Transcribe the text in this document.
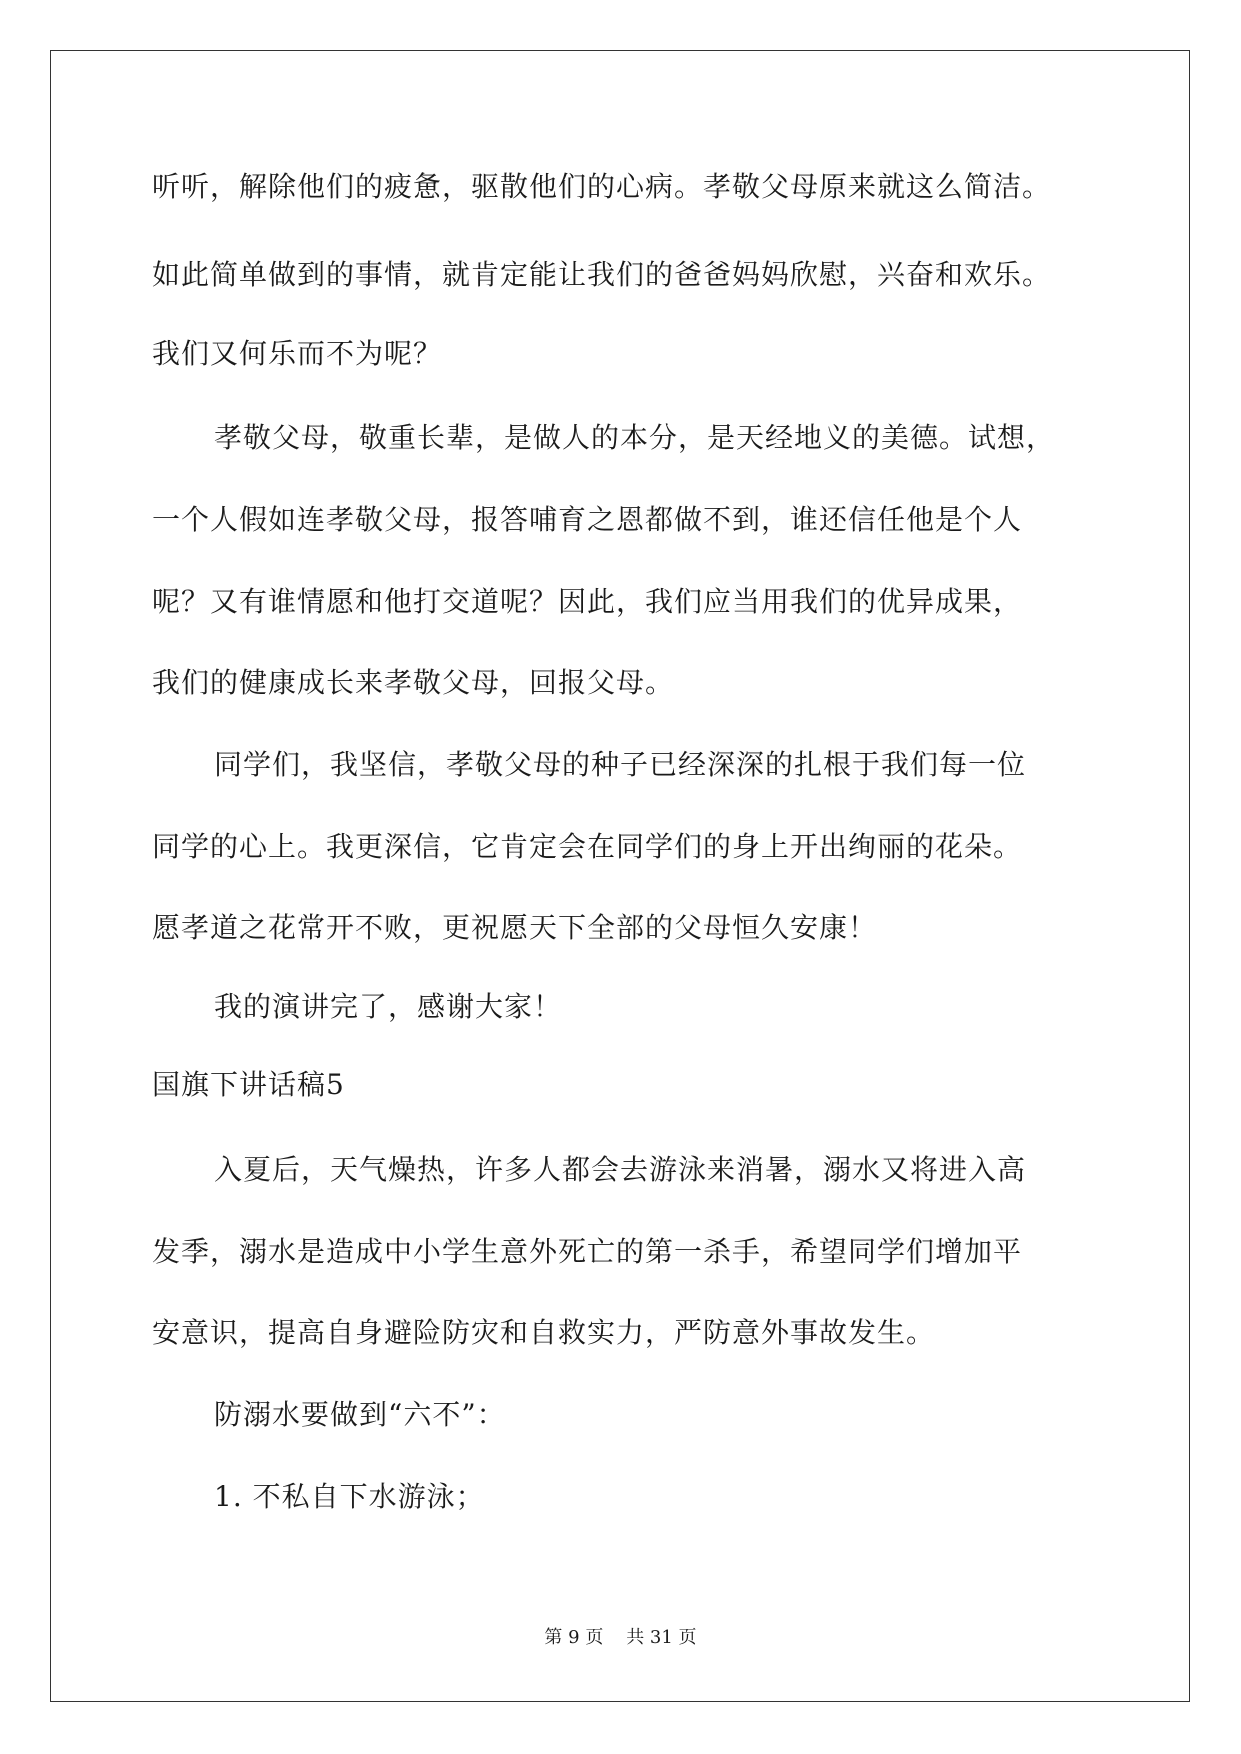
听听，解除他们的疲惫，驱散他们的心病。孝敬父母原来就这么简洁。
如此简单做到的事情，就肯定能让我们的爸爸妈妈欣慰，兴奋和欢乐。
我们又何乐而不为呢？
孝敬父母，敬重长辈，是做人的本分，是天经地义的美德。试想，
一个人假如连孝敬父母，报答哺育之恩都做不到，谁还信任他是个人
呢？又有谁情愿和他打交道呢？因此，我们应当用我们的优异成果，
我们的健康成长来孝敬父母，回报父母。
同学们，我坚信，孝敬父母的种子已经深深的扎根于我们每一位
同学的心上。我更深信，它肯定会在同学们的身上开出绚丽的花朵。
愿孝道之花常开不败，更祝愿天下全部的父母恒久安康！
我的演讲完了，感谢大家！
国旗下讲话稿5
入夏后，天气燥热，许多人都会去游泳来消暑，溺水又将进入高
发季，溺水是造成中小学生意外死亡的第一杀手，希望同学们增加平
安意识，提高自身避险防灾和自救实力，严防意外事故发生。
防溺水要做到“六不”：
1. 不私自下水游泳；
第 9 页    共 31 页
